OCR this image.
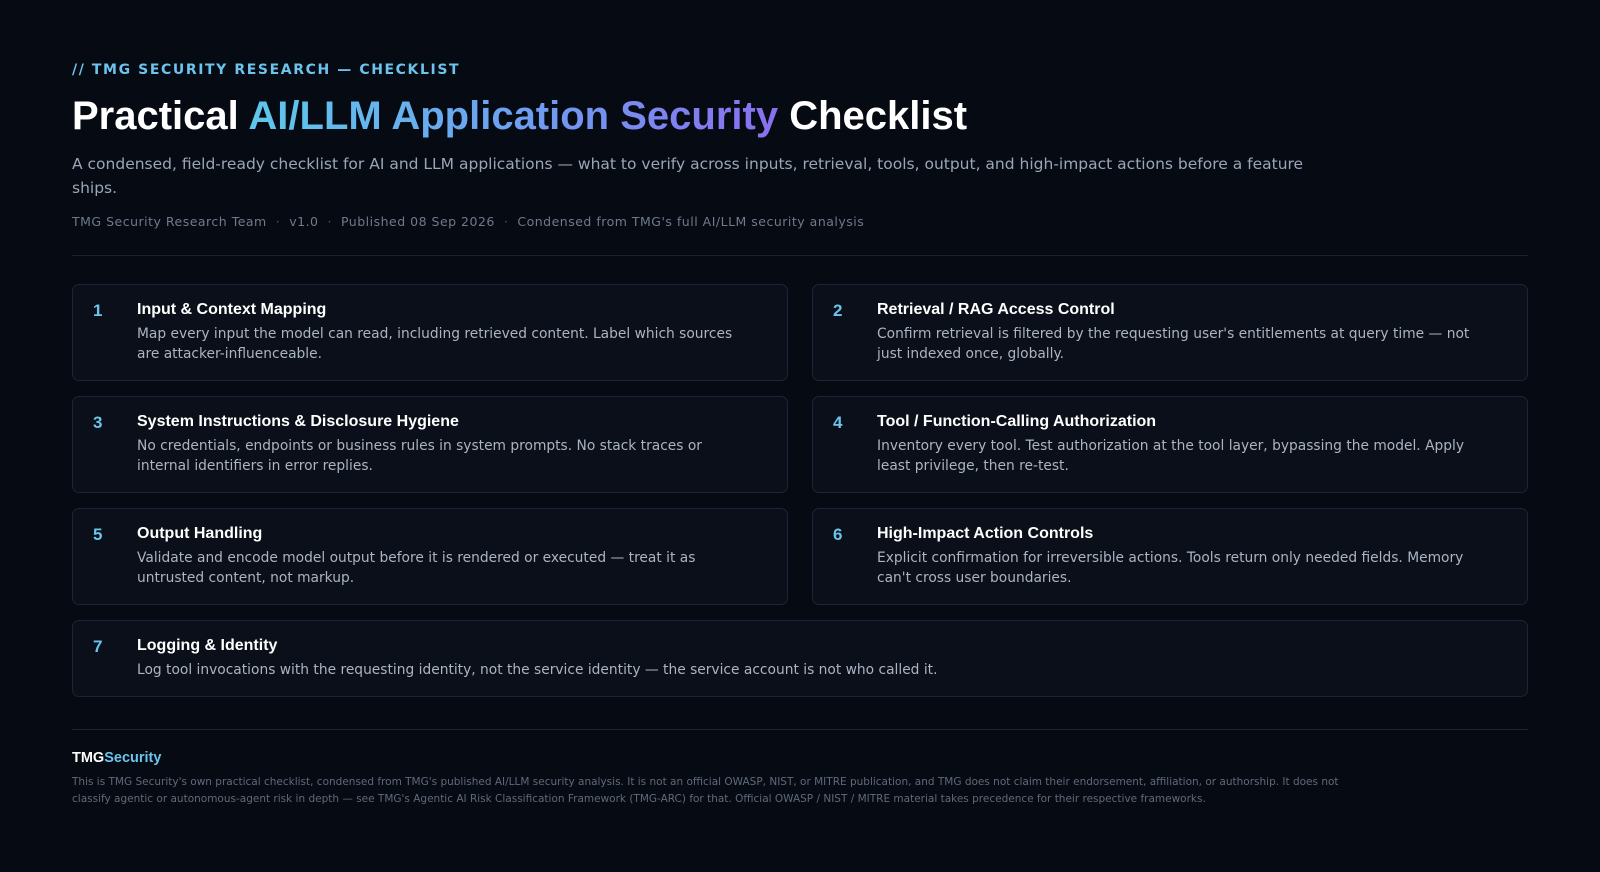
// TMG SECURITY RESEARCH — CHECKLIST
Practical AI/LLM Application Security Checklist

A condensed, field-ready checklist for AI and LLM applications — what to verify across inputs, retrieval, tools, output, and high-impact actions before a feature ships.

TMG Security Research Team · v1.0 · Published 08 Sep 2026 · Condensed from TMG's full AI/LLM security analysis
1 Input & Context Mapping
Map every input the model can read, including retrieved content. Label which sources are attacker-influenceable.
2 Retrieval / RAG Access Control
Confirm retrieval is filtered by the requesting user's entitlements at query time — not just indexed once, globally.
3 System Instructions & Disclosure Hygiene
No credentials, endpoints or business rules in system prompts. No stack traces or internal identifiers in error replies.
4 Tool / Function-Calling Authorization
Inventory every tool. Test authorization at the tool layer, bypassing the model. Apply least privilege, then re-test.
5 Output Handling
Validate and encode model output before it is rendered or executed — treat it as untrusted content, not markup.
6 High-Impact Action Controls
Explicit confirmation for irreversible actions. Tools return only needed fields. Memory can't cross user boundaries.
7 Logging & Identity
Log tool invocations with the requesting identity, not the service identity — the service account is not who called it.
TMGSecurity

This is TMG Security's own practical checklist, condensed from TMG's published AI/LLM security analysis. It is not an official OWASP, NIST, or MITRE publication, and TMG does not claim their endorsement, affiliation, or authorship. It does not classify agentic or autonomous-agent risk in depth — see TMG's Agentic AI Risk Classification Framework (TMG-ARC) for that. Official OWASP / NIST / MITRE material takes precedence for their respective frameworks.
